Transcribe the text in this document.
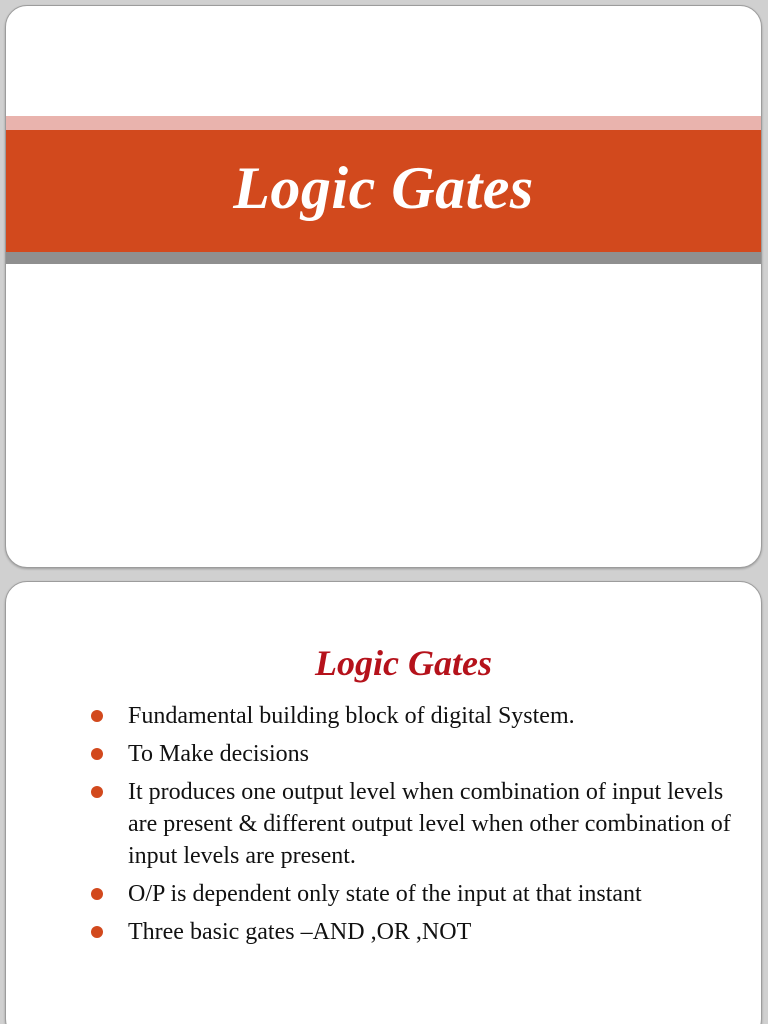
Logic Gates
Logic Gates
Fundamental building block of digital System.
To Make decisions
It produces one output level when combination of input levels are present & different output level when other combination of input levels are present.
O/P is dependent only state of the input at that instant
Three basic gates –AND ,OR ,NOT
